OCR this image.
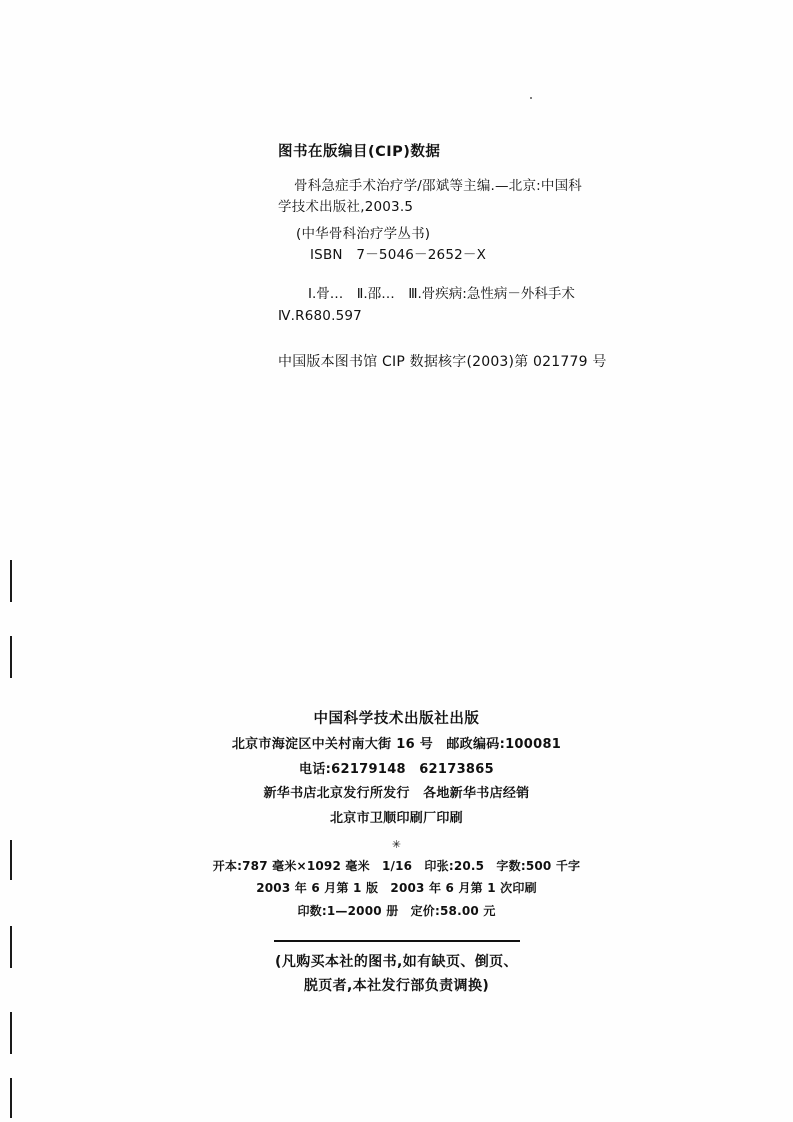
图书在版编目(CIP)数据
骨科急症手术治疗学/邵斌等主编.—北京:中国科
学技术出版社,2003.5
(中华骨科治疗学丛书)
ISBN　7－5046－2652－X
Ⅰ.骨…　Ⅱ.邵…　Ⅲ.骨疾病:急性病－外科手术
Ⅳ.R680.597
中国版本图书馆 CIP 数据核字(2003)第 021779 号
中国科学技术出版社出版
北京市海淀区中关村南大街 16 号　邮政编码:100081
电话:62179148　62173865
新华书店北京发行所发行　各地新华书店经销
北京市卫顺印刷厂印刷
✳
开本:787 毫米×1092 毫米　1/16　印张:20.5　字数:500 千字
2003 年 6 月第 1 版　2003 年 6 月第 1 次印刷
印数:1—2000 册　定价:58.00 元
(凡购买本社的图书,如有缺页、倒页、
脱页者,本社发行部负责调换)
